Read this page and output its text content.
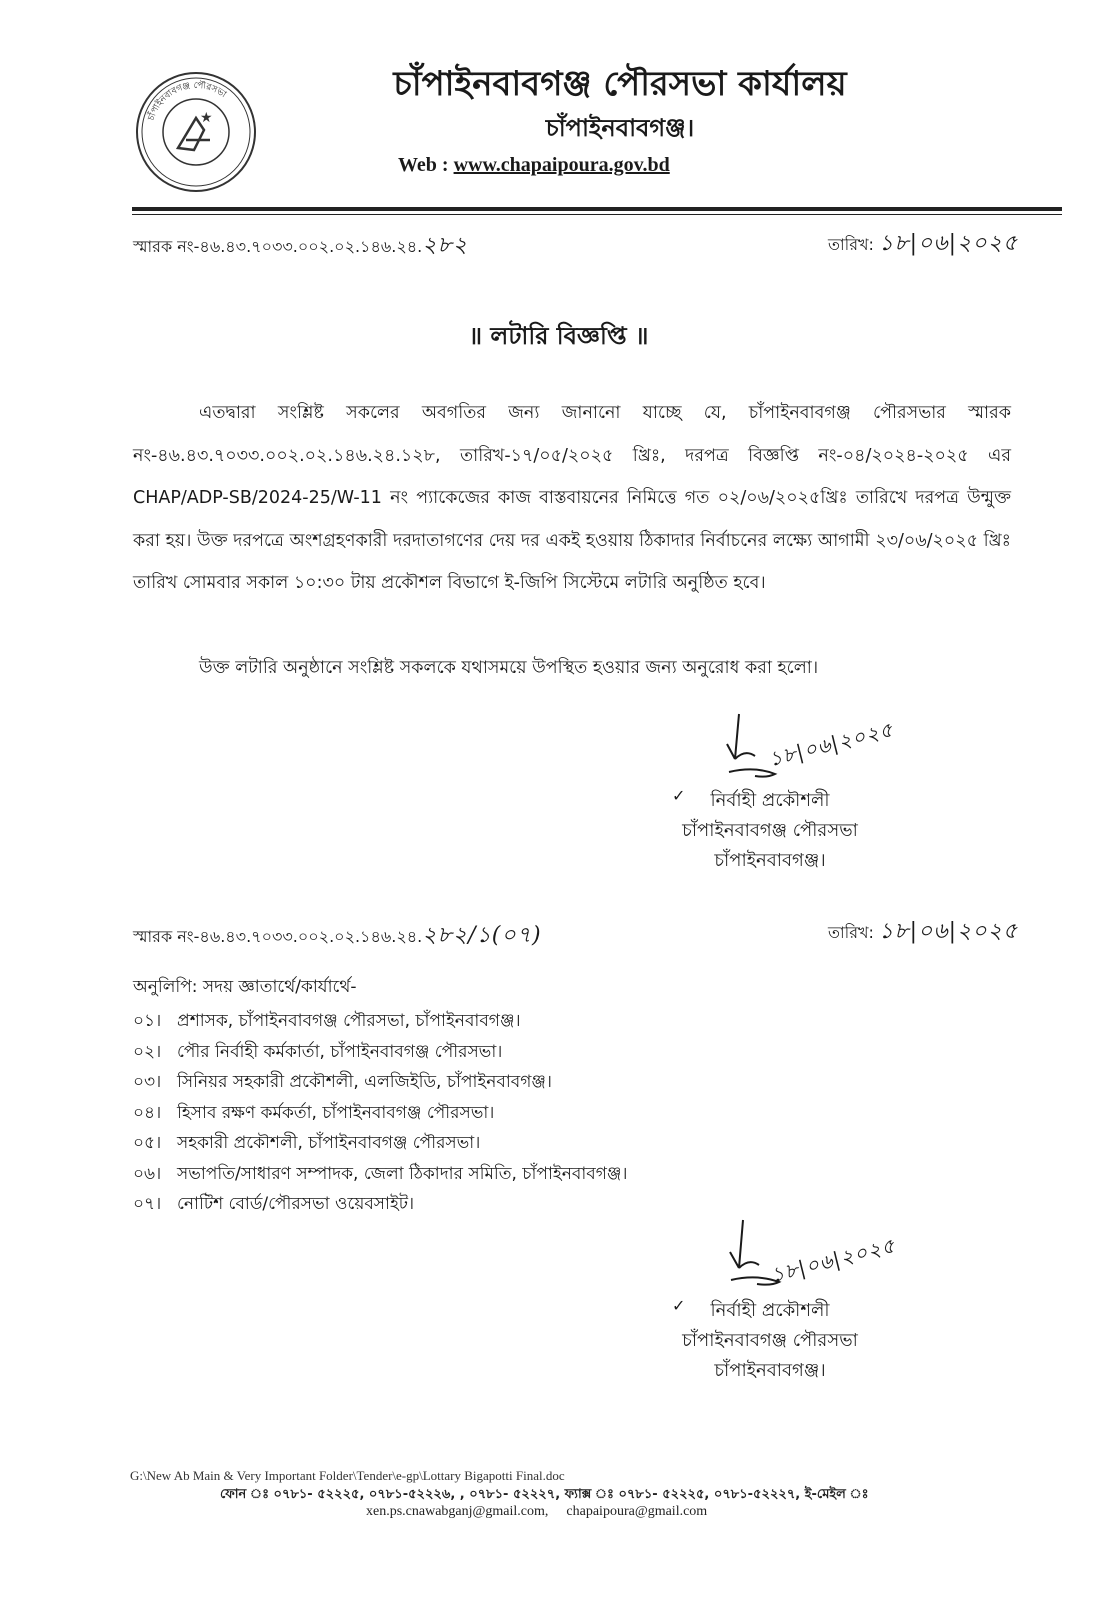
চাঁপাইনবাবগঞ্জ পৌরসভা
★
চাঁপাইনবাবগঞ্জ পৌরসভা কার্যালয়
চাঁপাইনবাবগঞ্জ।
Web : www.chapaipoura.gov.bd
স্মারক নং-৪৬.৪৩.৭০৩৩.০০২.০২.১৪৬.২৪.২৮২	তারিখ: ১৮|০৬|২০২৫
॥ লটারি বিজ্ঞপ্তি ॥
এতদ্বারা সংশ্লিষ্ট সকলের অবগতির জন্য জানানো যাচ্ছে যে, চাঁপাইনবাবগঞ্জ পৌরসভার স্মারক নং-৪৬.৪৩.৭০৩৩.০০২.০২.১৪৬.২৪.১২৮, তারিখ-১৭/০৫/২০২৫ খ্রিঃ, দরপত্র বিজ্ঞপ্তি নং-০৪/২০২৪-২০২৫ এর CHAP/ADP-SB/2024-25/W-11 নং প্যাকেজের কাজ বাস্তবায়নের নিমিত্তে গত ০২/০৬/২০২৫খ্রিঃ তারিখে দরপত্র উন্মুক্ত করা হয়। উক্ত দরপত্রে অংশগ্রহণকারী দরদাতাগণের দেয় দর একই হওয়ায় ঠিকাদার নির্বাচনের লক্ষ্যে আগামী ২৩/০৬/২০২৫ খ্রিঃ তারিখ সোমবার সকাল ১০:৩০ টায় প্রকৌশল বিভাগে ই-জিপি সিস্টেমে লটারি অনুষ্ঠিত হবে।
উক্ত লটারি অনুষ্ঠানে সংশ্লিষ্ট সকলকে যথাসময়ে উপস্থিত হওয়ার জন্য অনুরোধ করা হলো।
১৮|০৬|২০২৫
নির্বাহী প্রকৌশলী
চাঁপাইনবাবগঞ্জ পৌরসভা
চাঁপাইনবাবগঞ্জ।
✓
স্মারক নং-৪৬.৪৩.৭০৩৩.০০২.০২.১৪৬.২৪.২৮২/১(০৭)	তারিখ: ১৮|০৬|২০২৫
অনুলিপি: সদয় জ্ঞাতার্থে/কার্যার্থে-
০১। প্রশাসক, চাঁপাইনবাবগঞ্জ পৌরসভা, চাঁপাইনবাবগঞ্জ।
০২। পৌর নির্বাহী কর্মকার্তা, চাঁপাইনবাবগঞ্জ পৌরসভা।
০৩। সিনিয়র সহকারী প্রকৌশলী, এলজিইডি, চাঁপাইনবাবগঞ্জ।
০৪। হিসাব রক্ষণ কর্মকর্তা, চাঁপাইনবাবগঞ্জ পৌরসভা।
০৫। সহকারী প্রকৌশলী, চাঁপাইনবাবগঞ্জ পৌরসভা।
০৬। সভাপতি/সাধারণ সম্পাদক, জেলা ঠিকাদার সমিতি, চাঁপাইনবাবগঞ্জ।
০৭। নোটিশ বোর্ড/পৌরসভা ওয়েবসাইট।
১৮|০৬|২০২৫
নির্বাহী প্রকৌশলী
চাঁপাইনবাবগঞ্জ পৌরসভা
চাঁপাইনবাবগঞ্জ।
✓
G:\New Ab Main & Very Important Folder\Tender\e-gp\Lottary Bigapotti Final.doc
ফোন ঃ ০৭৮১- ৫২২২৫, ০৭৮১-৫২২২৬, , ০৭৮১- ৫২২২৭, ফ্যাক্স ঃ ০৭৮১- ৫২২২৫, ০৭৮১-৫২২২৭, ই-মেইল ঃ
xen.ps.cnawabganj@gmail.com, chapaipoura@gmail.com
